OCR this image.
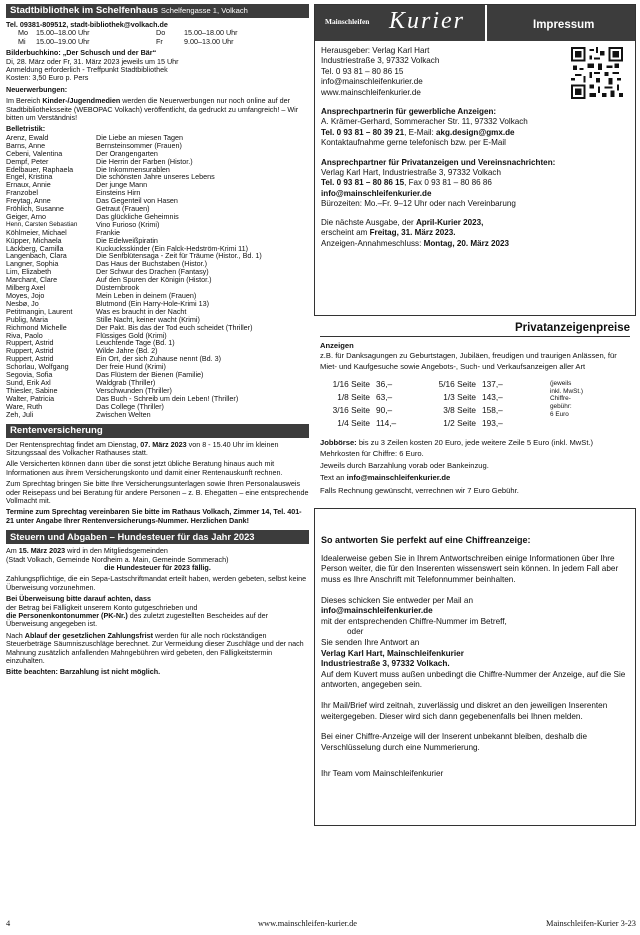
Stadtbibliothek im Schelfenhaus Schelfengasse 1, Volkach

Tel. 09381-809512, stadt-bibliothek@volkach.de

Mo	15.00–18.00 Uhr	Do	15.00–18.00 Uhr
Mi	15.00–19.00 Uhr	Fr	9.00–13.00 Uhr

Bilderbuchkino: „Der Schusch und der Bär“

Di, 28. März oder Fr, 31. März 2023 jeweils um 15 Uhr

Anmeldung erforderlich - Treffpunkt Stadtbibliothek

Kosten: 3,50 Euro p. Pers

Neuerwerbungen:

Im Bereich Kinder-/Jugendmedien werden die Neuerwerbungen nur noch online auf der Stadtbibliotheksseite (WEBOPAC Volkach) veröffentlicht, da gedruckt zu umfangreich! – Wir bitten um Verständnis!

Belletristik:

Arenz, Ewald	Die Liebe an miesen Tagen
Barns, Anne	Bernsteinsommer (Frauen)
Cebeni, Valentina	Der Orangengarten
Dempf, Peter	Die Herrin der Farben (Histor.)
Edelbauer, Raphaela	Die Inkommensurablen
Engel, Kristina	Die schönsten Jahre unseres Lebens
Ernaux, Annie	Der junge Mann
Franzobel	Einsteins Hirn
Freytag, Anne	Das Gegenteil von Hasen
Fröhlich, Susanne	Getraut (Frauen)
Geiger, Arno	Das glückliche Geheimnis
Henn, Carsten Sebastian	Vino Furioso (Krimi)
Köhlmeier, Michael	Frankie
Küpper, Michaela	Die Edelweißpiratin
Läckberg, Camilla	Kuckucksskinder (Ein Falck-Hedström-Krimi 11)
Langenbach, Clara	Die Senfblütensaga - Zeit für Träume (Histor., Bd. 1)
Langner, Sophia	Das Haus der Buchstaben (Histor.)
Lim, Elizabeth	Der Schwur des Drachen (Fantasy)
Marchant, Clare	Auf den Spuren der Königin (Histor.)
Milberg Axel	Düsternbrook
Moyes, Jojo	Mein Leben in deinem (Frauen)
Nesbø, Jo	Blutmond (Ein Harry-Hole-Krimi 13)
Petitmangin, Laurent	Was es braucht in der Nacht
Publig, Maria	Stille Nacht, keiner wacht (Krimi)
Richmond Michelle	Der Pakt. Bis das der Tod euch scheidet (Thriller)
Riva, Paolo	Flüssiges Gold (Krimi)
Ruppert, Astrid	Leuchtende Tage (Bd. 1)
Ruppert, Astrid	Wilde Jahre (Bd. 2)
Ruppert, Astrid	Ein Ort, der sich Zuhause nennt (Bd. 3)
Schorlau, Wolfgang	Der freie Hund (Krimi)
Segovia, Sofia	Das Flüstern der Bienen (Familie)
Sund, Erik Axl	Waldgrab (Thriller)
Thiesler, Sabine	Verschwunden (Thriller)
Walter, Patricia	Das Buch - Schreib um dein Leben! (Thriller)
Ware, Ruth	Das College (Thriller)
Zeh, Juli	Zwischen Welten
Rentenversicherung

Der Rentensprechtag findet am Dienstag, 07. März 2023 von 8 - 15.40 Uhr im kleinen Sitzungssaal des Volkacher Rathauses statt.

Alle Versicherten können dann über die sonst jetzt übliche Beratung hinaus auch mit Informationen aus ihrem Versicherungskonto und damit einer Rentenauskunft rechnen.

Zum Sprechtag bringen Sie bitte Ihre Versicherungsunterlagen sowie Ihren Personalausweis oder Reisepass und bei Beratung für andere Personen – z. B. Ehegatten – eine entsprechende Vollmacht mit.

Termine zum Sprechtag vereinbaren Sie bitte im Rathaus Volkach, Zimmer 14, Tel. 401-21 unter Angabe Ihrer Rentenversicherungs-Nummer. Herzlichen Dank!

Steuern und Abgaben – Hundesteuer für das Jahr 2023

Am 15. März 2023 wird in den Mitgliedsgemeinden

(Stadt Volkach, Gemeinde Nordheim a. Main, Gemeinde Sommerach)

die Hundesteuer für 2023 fällig.

Zahlungspflichtige, die ein Sepa-Lastschriftmandat erteilt haben, werden gebeten, selbst keine Überweisung vorzunehmen.

Bei Überweisung bitte darauf achten, dass

der Betrag bei Fälligkeit unserem Konto gutgeschrieben und

die Personenkontonummer (PK-Nr.) des zuletzt zugestellten Bescheides auf der Überweisung angegeben ist.

Nach Ablauf der gesetzlichen Zahlungsfrist werden für alle noch rückständigen Steuerbeträge Säumniszuschläge berechnet. Zur Vermeidung dieser Zuschläge und der nach Mahnung zusätzlich anfallenden Mahngebühren wird gebeten, den Fälligkeitstermin einzuhalten.

Bitte beachten: Barzahlung ist nicht möglich.

Mainschleifen Kurier	Impressum

Herausgeber: Verlag Karl Hart

Industriestraße 3, 97332 Volkach

Tel. 0 93 81 – 80 86 15

info@mainschleifenkurier.de

www.mainschleifenkurier.de

Ansprechpartnerin für gewerbliche Anzeigen:

A. Krämer-Gerhard, Sommeracher Str. 11, 97332 Volkach

Tel. 0 93 81 – 80 39 21, E-Mail: akg.design@gmx.de

Kontaktaufnahme gerne telefonisch bzw. per E-Mail

Ansprechpartner für Privatanzeigen und Vereinsnachrichten:

Verlag Karl Hart, Industriestraße 3, 97332 Volkach

Tel. 0 93 81 – 80 86 15, Fax 0 93 81 – 80 86 86

info@mainschleifenkurier.de

Bürozeiten: Mo.–Fr. 9–12 Uhr oder nach Vereinbarung

Die nächste Ausgabe, der April-Kurier 2023,

erscheint am Freitag, 31. März 2023.

Anzeigen-Annahmeschluss: Montag, 20. März 2023

Privatanzeigenpreise

Anzeigen

z.B. für Danksagungen zu Geburtstagen, Jubiläen, freudigen und traurigen Anlässen, für Miet- und Kaufgesuche sowie Angebots-, Such- und Verkaufsanzeigen aller Art

1/16 Seite	36,–	5/16 Seite	137,–
1/8 Seite	63,–	1/3 Seite	143,–
3/16 Seite	90,–	3/8 Seite	158,–
1/4 Seite	114,–	1/2 Seite	193,–
(jeweils
inkl. MwSt.)
Chiffre-
gebühr:
6 Euro

Jobbörse: bis zu 3 Zeilen kosten 20 Euro, jede weitere Zeile 5 Euro (inkl. MwSt.) Mehrkosten für Chiffre: 6 Euro.

Jeweils durch Barzahlung vorab oder Bankeinzug.

Text an info@mainschleifenkurier.de

Falls Rechnung gewünscht, verrechnen wir 7 Euro Gebühr.

So antworten Sie perfekt auf eine Chiffreanzeige:

Idealerweise geben Sie in Ihrem Antwortschreiben einige Informationen über Ihre Person weiter, die für den Inserenten wissenswert sein können. In jedem Fall aber muss es Ihre Anschrift mit Telefonnummer beinhalten.

Dieses schicken Sie entweder per Mail an

info@mainschleifenkurier.de

mit der entsprechenden Chiffre-Nummer im Betreff,

oder

Sie senden Ihre Antwort an

Verlag Karl Hart, Mainschleifenkurier

Industriestraße 3, 97332 Volkach.

Auf dem Kuvert muss außen unbedingt die Chiffre-Nummer der Anzeige, auf die Sie antworten, angegeben sein.

Ihr Mail/Brief wird zeitnah, zuverlässig und diskret an den jeweiligen Inserenten weitergegeben. Dieser wird sich dann gegebenenfalls bei Ihnen melden.

Bei einer Chiffre-Anzeige will der Inserent unbekannt bleiben, deshalb die Verschlüsselung durch eine Nummerierung.

Ihr Team vom Mainschleifenkurier

4	www.mainschleifen-kurier.de	Mainschleifen-Kurier 3-23
